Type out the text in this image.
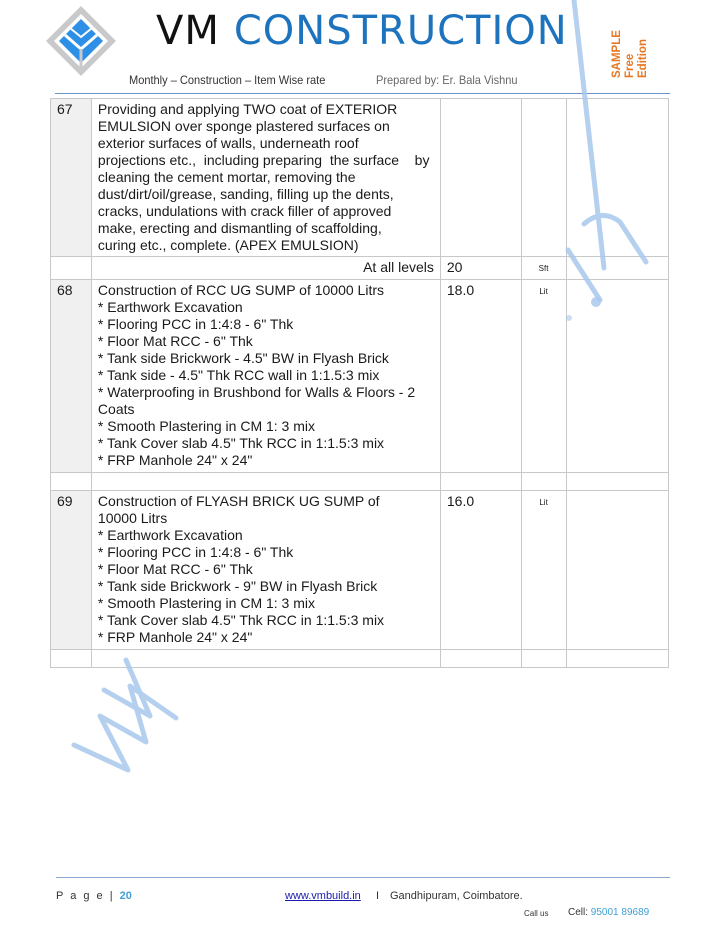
VM CONSTRUCTION
Monthly – Construction – Item Wise rate	Prepared by: Er. Bala Vishnu
SAMPLE Free Edition
67	Providing and applying TWO coat of EXTERIOR
EMULSION over sponge plastered surfaces on
exterior surfaces of walls, underneath roof
projections etc.,  including preparing  the surface    by
cleaning the cement mortar, removing the
dust/dirt/oil/grease, sanding, filling up the dents,
cracks, undulations with crack filler of approved
make, erecting and dismantling of scaffolding,
curing etc., complete. (APEX EMULSION)

	At all levels	20	Sft	
68	Construction of RCC UG SUMP of 10000 Litrs
* Earthwork Excavation
* Flooring PCC in 1:4:8 - 6" Thk
* Floor Mat RCC - 6" Thk
* Tank side Brickwork - 4.5" BW in Flyash Brick
* Tank side - 4.5" Thk RCC wall in 1:1.5:3 mix
* Waterproofing in Brushbond for Walls & Floors - 2
Coats
* Smooth Plastering in CM 1: 3 mix
* Tank Cover slab 4.5" Thk RCC in 1:1.5:3 mix
* FRP Manhole 24" x 24"
	18.0	Lit	

69	Construction of FLYASH BRICK UG SUMP of
10000 Litrs
* Earthwork Excavation
* Flooring PCC in 1:4:8 - 6" Thk
* Floor Mat RCC - 6" Thk
* Tank side Brickwork - 9" BW in Flyash Brick
* Smooth Plastering in CM 1: 3 mix
* Tank Cover slab 4.5" Thk RCC in 1:1.5:3 mix
* FRP Manhole 24" x 24"
	16.0	Lit	

P a g e | 20	www.vmbuild.in I Gandhipuram, Coimbatore.
Call us Cell: 95001 89689
